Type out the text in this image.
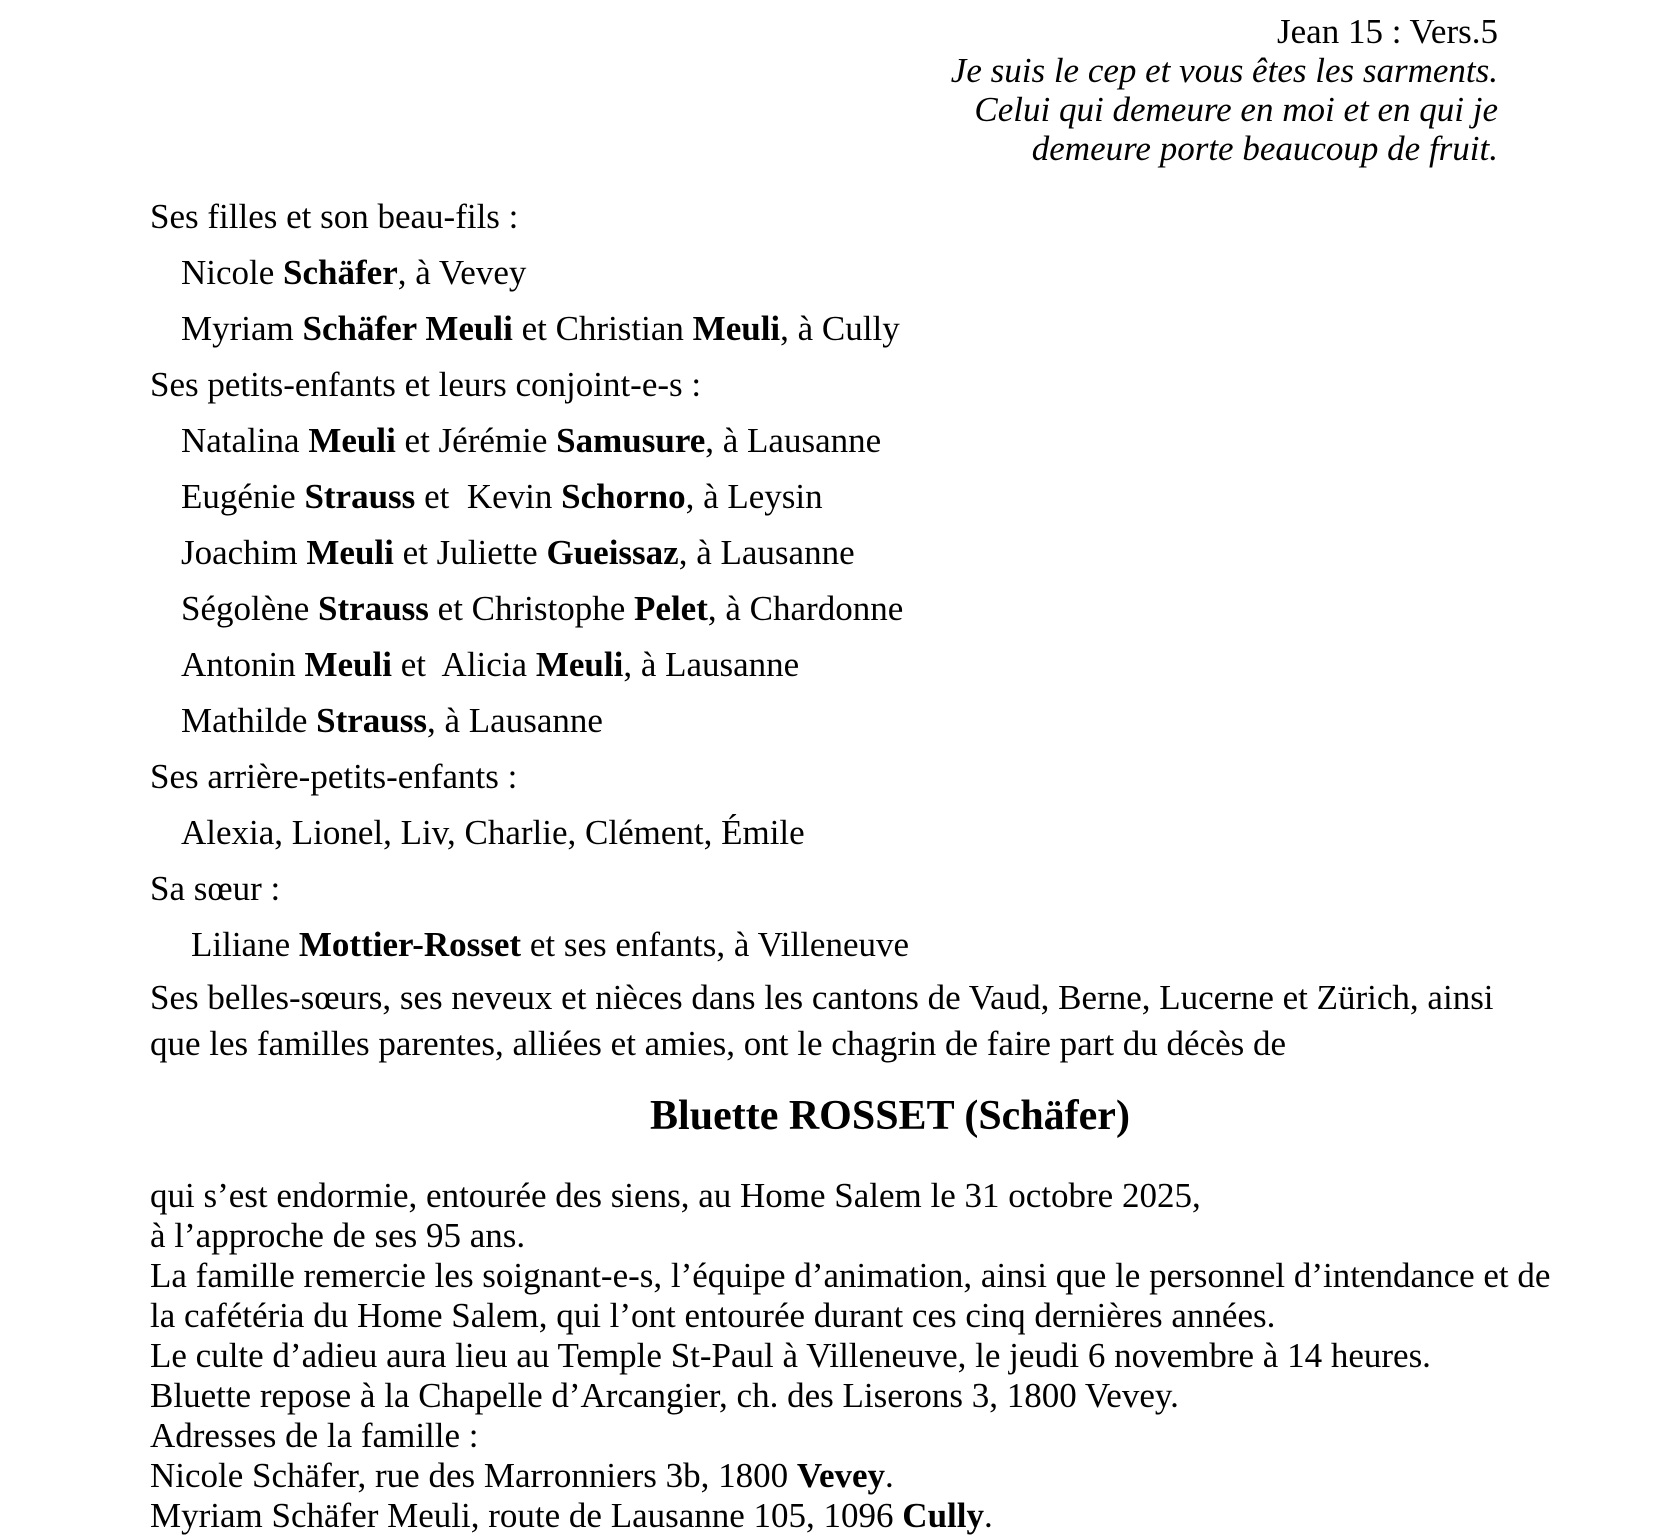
Jean 15 : Vers.5
Je suis le cep et vous êtes les sarments.
Celui qui demeure en moi et en qui je
demeure porte beaucoup de fruit.
Ses filles et son beau-fils :
Nicole Schäfer, à Vevey
Myriam Schäfer Meuli et Christian Meuli, à Cully
Ses petits-enfants et leurs conjoint-e-s :
Natalina Meuli et Jérémie Samusure, à Lausanne
Eugénie Strauss et  Kevin Schorno, à Leysin
Joachim Meuli et Juliette Gueissaz, à Lausanne
Ségolène Strauss et Christophe Pelet, à Chardonne
Antonin Meuli et  Alicia Meuli, à Lausanne
Mathilde Strauss, à Lausanne
Ses arrière-petits-enfants :
Alexia, Lionel, Liv, Charlie, Clément, Émile
Sa sœur :
Liliane Mottier-Rosset et ses enfants, à Villeneuve
Ses belles-sœurs, ses neveux et nièces dans les cantons de Vaud, Berne, Lucerne et Zürich, ainsi
que les familles parentes, alliées et amies, ont le chagrin de faire part du décès de
Bluette ROSSET (Schäfer)
qui s’est endormie, entourée des siens, au Home Salem le 31 octobre 2025,
à l’approche de ses 95 ans.
La famille remercie les soignant-e-s, l’équipe d’animation, ainsi que le personnel d’intendance et de
la cafétéria du Home Salem, qui l’ont entourée durant ces cinq dernières années.
Le culte d’adieu aura lieu au Temple St-Paul à Villeneuve, le jeudi 6 novembre à 14 heures.
Bluette repose à la Chapelle d’Arcangier, ch. des Liserons 3, 1800 Vevey.
Adresses de la famille :
Nicole Schäfer, rue des Marronniers 3b, 1800 Vevey.
Myriam Schäfer Meuli, route de Lausanne 105, 1096 Cully.
